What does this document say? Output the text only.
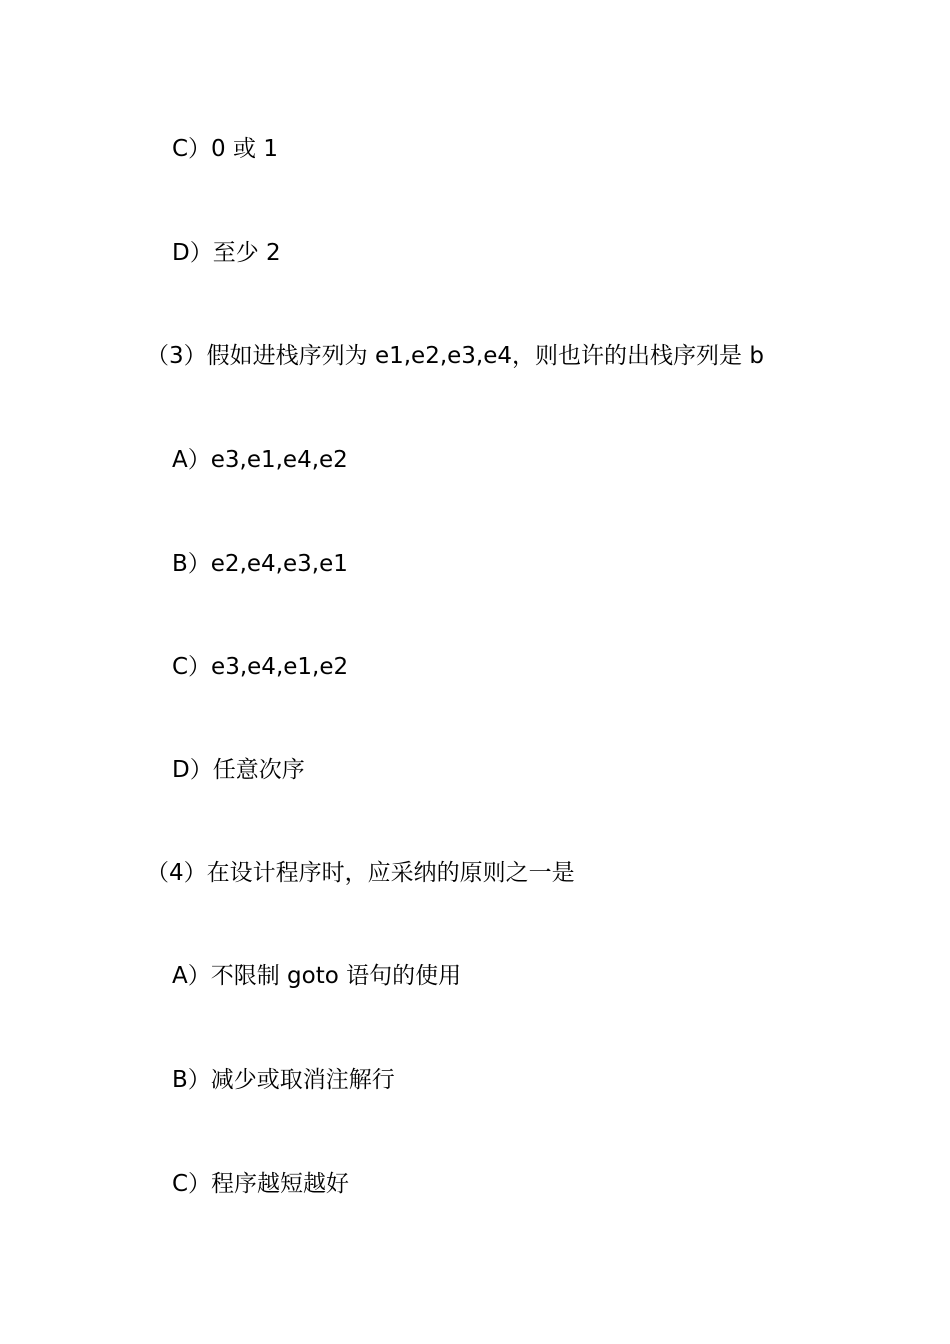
C）0 或 1
D）至少 2
（3）假如进栈序列为 e1,e2,e3,e4，则也许的出栈序列是 b
A）e3,e1,e4,e2
B）e2,e4,e3,e1
C）e3,e4,e1,e2
D）任意次序
（4）在设计程序时，应采纳的原则之一是
A）不限制 goto 语句的使用
B）减少或取消注解行
C）程序越短越好
